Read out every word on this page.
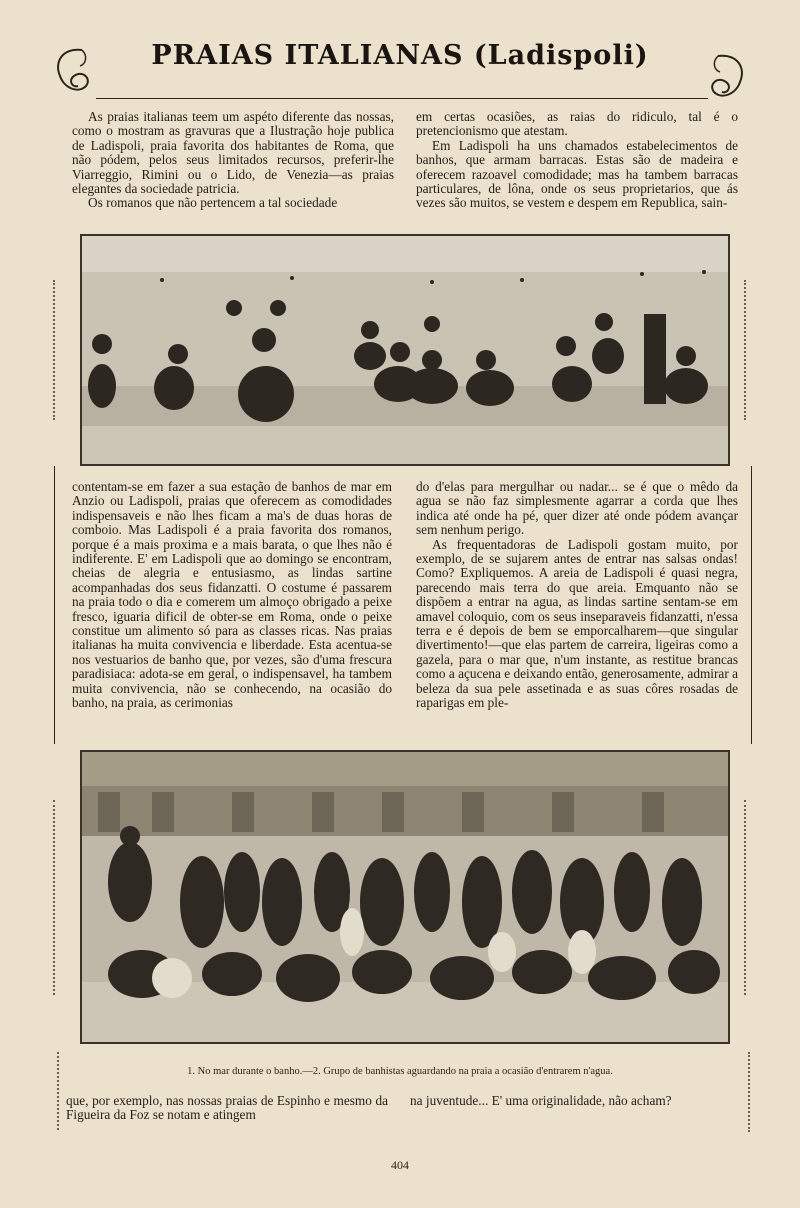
PRAIAS ITALIANAS (Ladispoli)

As praias italianas teem um aspéto diferente das nossas, como o mostram as gravuras que a Ilustração hoje publica de Ladispoli, praia favorita dos habitantes de Roma, que não pódem, pelos seus limitados recursos, preferir-lhe Viarreggio, Rimini ou o Lido, de Venezia—as praias elegantes da sociedade patricia.

Os romanos que não pertencem a tal sociedade

em certas ocasiões, as raias do ridiculo, tal é o pretencionismo que atestam.

Em Ladispoli ha uns chamados estabelecimentos de banhos, que armam barracas. Estas são de madeira e oferecem razoavel comodidade; mas ha tambem barracas particulares, de lôna, onde os seus proprietarios, que ás vezes são muitos, se vestem e despem em Republica, sain-

contentam-se em fazer a sua estação de banhos de mar em Anzio ou Ladispoli, praias que oferecem as comodidades indispensaveis e não lhes ficam a ma's de duas horas de comboio. Mas Ladispoli é a praia favorita dos romanos, porque é a mais proxima e a mais barata, o que lhes não é indiferente. E' em Ladispoli que ao domingo se encontram, cheias de alegria e entusiasmo, as lindas sartine acompanhadas dos seus fidanzatti. O costume é passarem na praia todo o dia e comerem um almoço obrigado a peixe fresco, iguaria dificil de obter-se em Roma, onde o peixe constitue um alimento só para as classes ricas. Nas praias italianas ha muita convivencia e liberdade. Esta acentua-se nos vestuarios de banho que, por vezes, são d'uma frescura paradisiaca: adota-se em geral, o indispensavel, ha tambem muita convivencia, não se conhecendo, na ocasião do banho, na praia, as cerimonias

do d'elas para mergulhar ou nadar... se é que o mêdo da agua se não faz simplesmente agarrar a corda que lhes indica até onde ha pé, quer dizer até onde pódem avançar sem nenhum perigo.

As frequentadoras de Ladispoli gostam muito, por exemplo, de se sujarem antes de entrar nas salsas ondas! Como? Expliquemos. A areia de Ladispoli é quasi negra, parecendo mais terra do que areia. Emquanto não se dispõem a entrar na agua, as lindas sartine sentam-se em amavel coloquio, com os seus inseparaveis fidanzatti, n'essa terra e é depois de bem se emporcalharem—que singular divertimento!—que elas partem de carreira, ligeiras como a gazela, para o mar que, n'um instante, as restitue brancas como a açucena e deixando então, generosamente, admirar a beleza da sua pele assetinada e as suas côres rosadas de raparigas em ple-

1. No mar durante o banho.—2. Grupo de banhistas aguardando na praia a ocasião d'entrarem n'agua.

que, por exemplo, nas nossas praias de Espinho e mesmo da Figueira da Foz se notam e atingem

na juventude... E' uma originalidade, não acham?

404
